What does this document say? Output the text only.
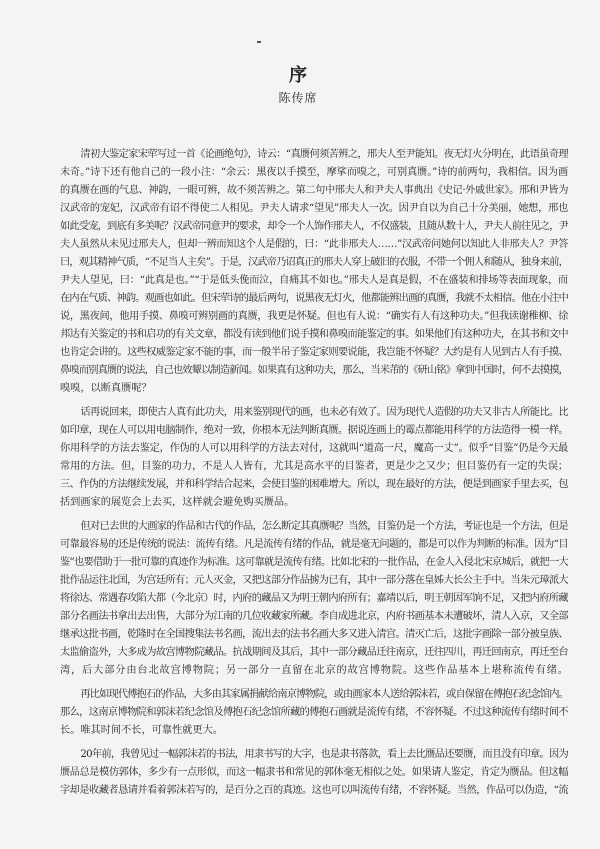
序
陈传席
清初大鉴定家宋荦写过一首《论画绝句》，诗云：“真赝何须苦辨之，邢夫人至尹能知。夜无灯火分明在，此语虽奇理
未奇。”诗下还有他自己的一段小注：“余云：黑夜以手摸至，摩挲而嗅之，可别真赝。”诗的前两句，我相信。因为画
的真赝在画的气息、神韵，一眼可辨，故不须苦辨之。第二句中邢夫人和尹夫人事典出《史记·外戚世家》。邢和尹皆为
汉武帝的宠妃，汉武帝有诏不得使二人相见。尹夫人请求“望见”邢夫人一次。因尹自以为自己十分美丽，她想，邢也
如此受宠，到底有多美呢？汉武帝同意尹的要求，却令一个人饰作邢夫人，不仅盛装，且随从数十人，尹夫人前往见之，尹
夫人虽然从未见过邢夫人，但却一辨而知这个人是假的，曰：“此非邢夫人……”汉武帝问她何以知此人非邢夫人？尹答
曰，观其精神气质，“不足当人主矣”。于是，汉武帝乃诏真正的邢夫人穿上破旧的衣服，不带一个佣人和随从，独身来前，
尹夫人望见，曰：“此真是也。”“于是低头俛而泣，自痛其不如也。”邢夫人是真是假，不在盛装和排场等表面现象，而
在内在气质、神韵。观画也如此。但宋荦诗的最后两句，说黑夜无灯火，他都能辨出画的真赝，我就不太相信。他在小注中
说，黑夜间，他用手摸、鼻嗅可辨别画的真赝，我更是怀疑。但也有人说：“确实有人有这种功夫。”但我读谢稚柳、徐
邦达有关鉴定的书和启功的有关文章，都没有读到他们说手摸和鼻嗅而能鉴定的事。如果他们有这种功夫，在其书和文中
也肯定会讲的。这些权威鉴定家不能的事，而一般半吊子鉴定家则要说能，我岂能不怀疑？大约是有人见到古人有手摸、
鼻嗅而别真赝的说法，自己也效颦以制造新闻。如果真有这种功夫，那么，当米芾的《研山铭》拿到中国时，何不去摸摸，
嗅嗅，以断真赝呢？
话再说回来，即使古人真有此功夫，用来鉴别现代的画，也未必有效了。因为现代人造假的功夫又非古人所能比。比
如印章，现在人可以用电脑制作，绝对一致，你根本无法判断真赝。据说连画上的霉点都能用科学的方法造得一模一样。
你用科学的方法去鉴定，作伪的人可以用科学的方法去对付，这就叫“道高一尺，魔高一丈”。似乎“目鉴”仍是今天最
常用的方法。但，目鉴的功力，不是人人皆有，尤其是高水平的目鉴者，更是少之又少；但目鉴仍有一定的失误；
三、作伪的方法继续发展，并和科学结合起来，会使目鉴的困难增大。所以，现在最好的方法，便是到画家手里去买，包
括到画家的展览会上去买，这样就会避免购买赝品。
但对已去世的大画家的作品和古代的作品，怎么断定其真赝呢？当然，目鉴仍是一个方法，考证也是一个方法，但是
可靠最容易的还是传统的说法：流传有绪。凡是流传有绪的作品，就是毫无问题的，都是可以作为判断的标准。因为“目
鉴”也要借助于一批可靠的真迹作为标准。这可靠就是流传有绪。比如北宋的一批作品，在金人入侵北宋京城后，就把一大
批作品运往北国，为宫廷所有；元人灭金，又把这部分作品掳为已有，其中一部分落在皇姊大长公主手中。当朱元璋派大
将徐达、常遇春攻陷大都（今北京）时，内府的藏品又为明王朝内府所有；嘉靖以后，明王朝因军饷不足，又把内府所藏
部分名画法书拿出去出售，大部分为江南的几位收藏家所藏。李自成进北京，内府书画基本未遭破坏，清人入京，又全部
继承这批书画，乾隆时在全国搜集法书名画，流出去的法书名画大多又进入清宫。清灭亡后，这批字画除一部分被皇族、
太监偷盗外，大多成为故宫博物院藏品。抗战期间及其后，其中一部分藏品迁往南京，迁往四川，再迁回南京，再迁至台
湾，后大部分由台北故宫博物院；另一部分一直留在北京的故宫博物院。这些作品基本上堪称流传有绪。
再比如现代傅抱石的作品，大多由其家属捐献给南京博物院，或由画家本人送给郭沫若，或自保留在傅抱石纪念馆内。
那么，这南京博物院和郭沫若纪念馆及傅抱石纪念馆所藏的傅抱石画就是流传有绪，不容怀疑。不过这种流传有绪时间不
长。唯其时间不长，可靠性就更大。
20年前，我曾见过一幅郭沫若的书法，用隶书写的大字，也是隶书落款，看上去比赝品还要赝，而且没有印章。因为
赝品总是模仿郭体，多少有一点形似，而这一幅隶书和常见的郭体毫无相似之处。如果请人鉴定，肯定为赝品。但这幅
字却是收藏者恳请并看着郭沫若写的，是百分之百的真迹。这也可以叫流传有绪，不容怀疑。当然，作品可以伪造，“流
